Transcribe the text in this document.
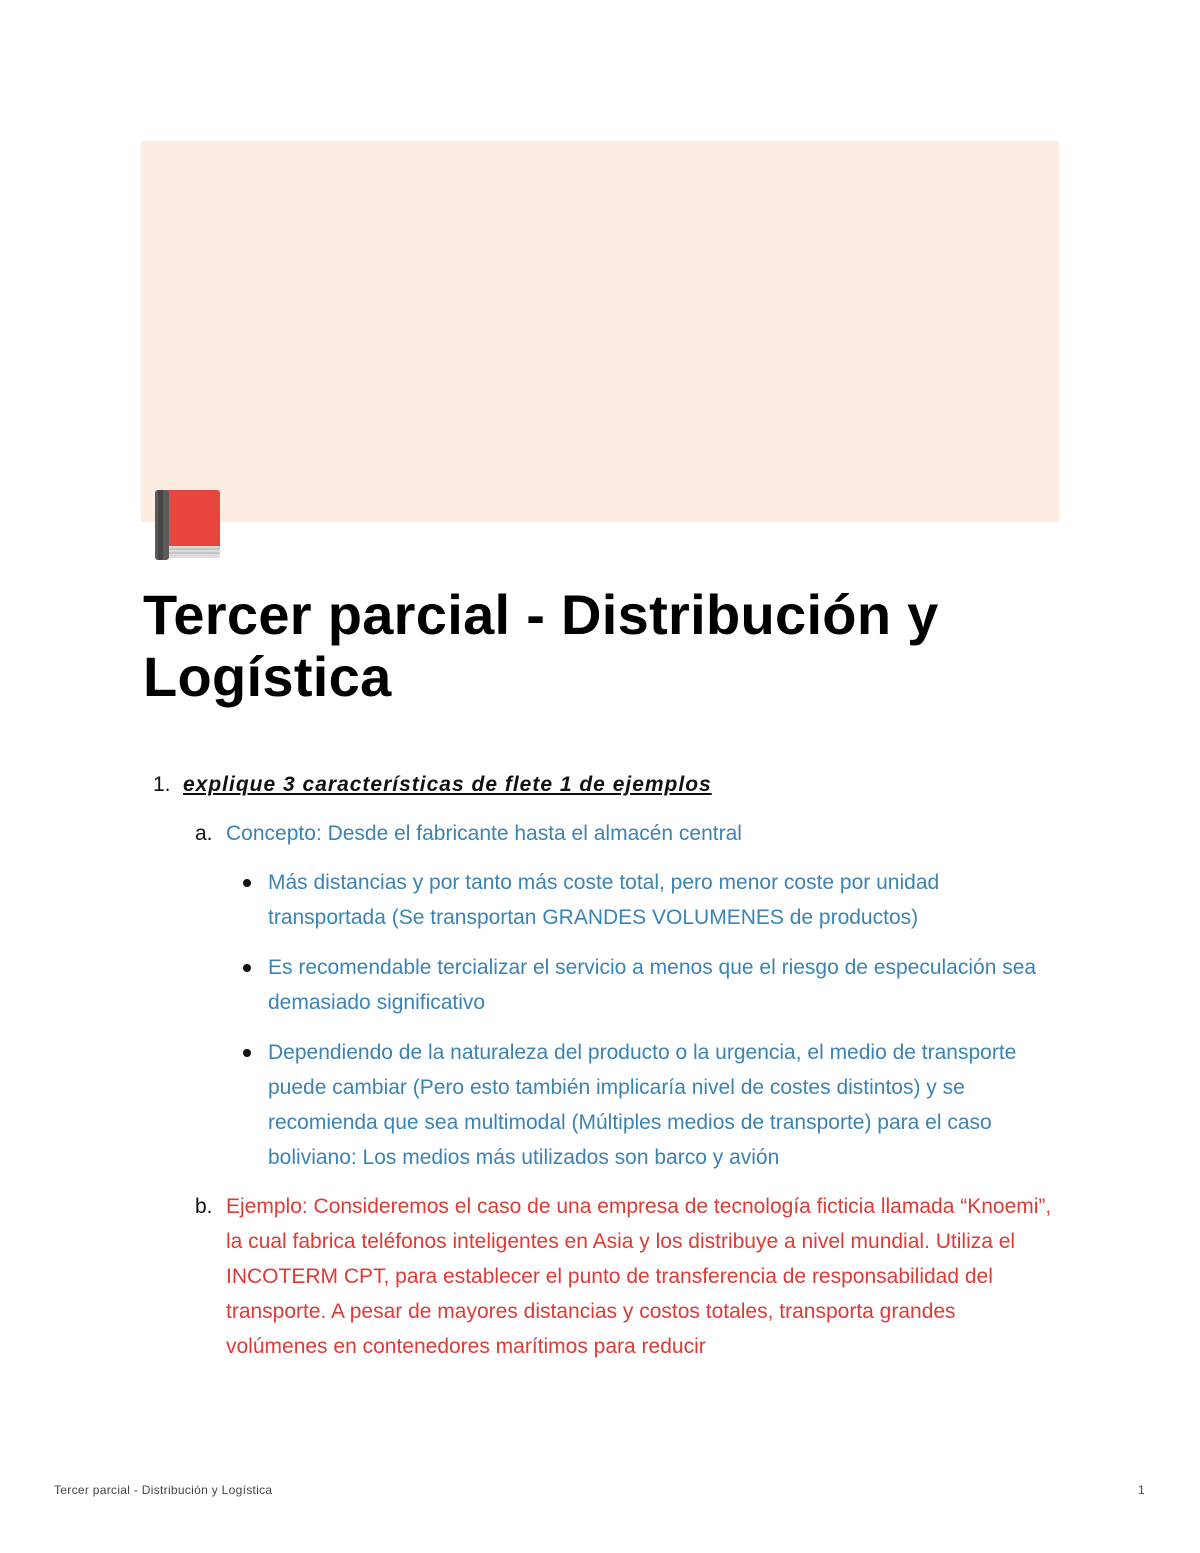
Tercer parcial - Distribución y Logística
1. explique 3 características de flete 1 de ejemplos
a. Concepto: Desde el fabricante hasta el almacén central
Más distancias y por tanto más coste total, pero menor coste por unidad transportada (Se transportan GRANDES VOLUMENES de productos)
Es recomendable tercializar el servicio a menos que el riesgo de especulación sea demasiado significativo
Dependiendo de la naturaleza del producto o la urgencia, el medio de transporte puede cambiar (Pero esto también implicaría nivel de costes distintos) y se recomienda que sea multimodal (Múltiples medios de transporte) para el caso boliviano: Los medios más utilizados son barco y avión
b. Ejemplo: Consideremos el caso de una empresa de tecnología ficticia llamada “Knoemi”, la cual fabrica teléfonos inteligentes en Asia y los distribuye a nivel mundial. Utiliza el INCOTERM CPT, para establecer el punto de transferencia de responsabilidad del transporte. A pesar de mayores distancias y costos totales, transporta grandes volúmenes en contenedores marítimos para reducir
Tercer parcial - Distribución y Logística	1
